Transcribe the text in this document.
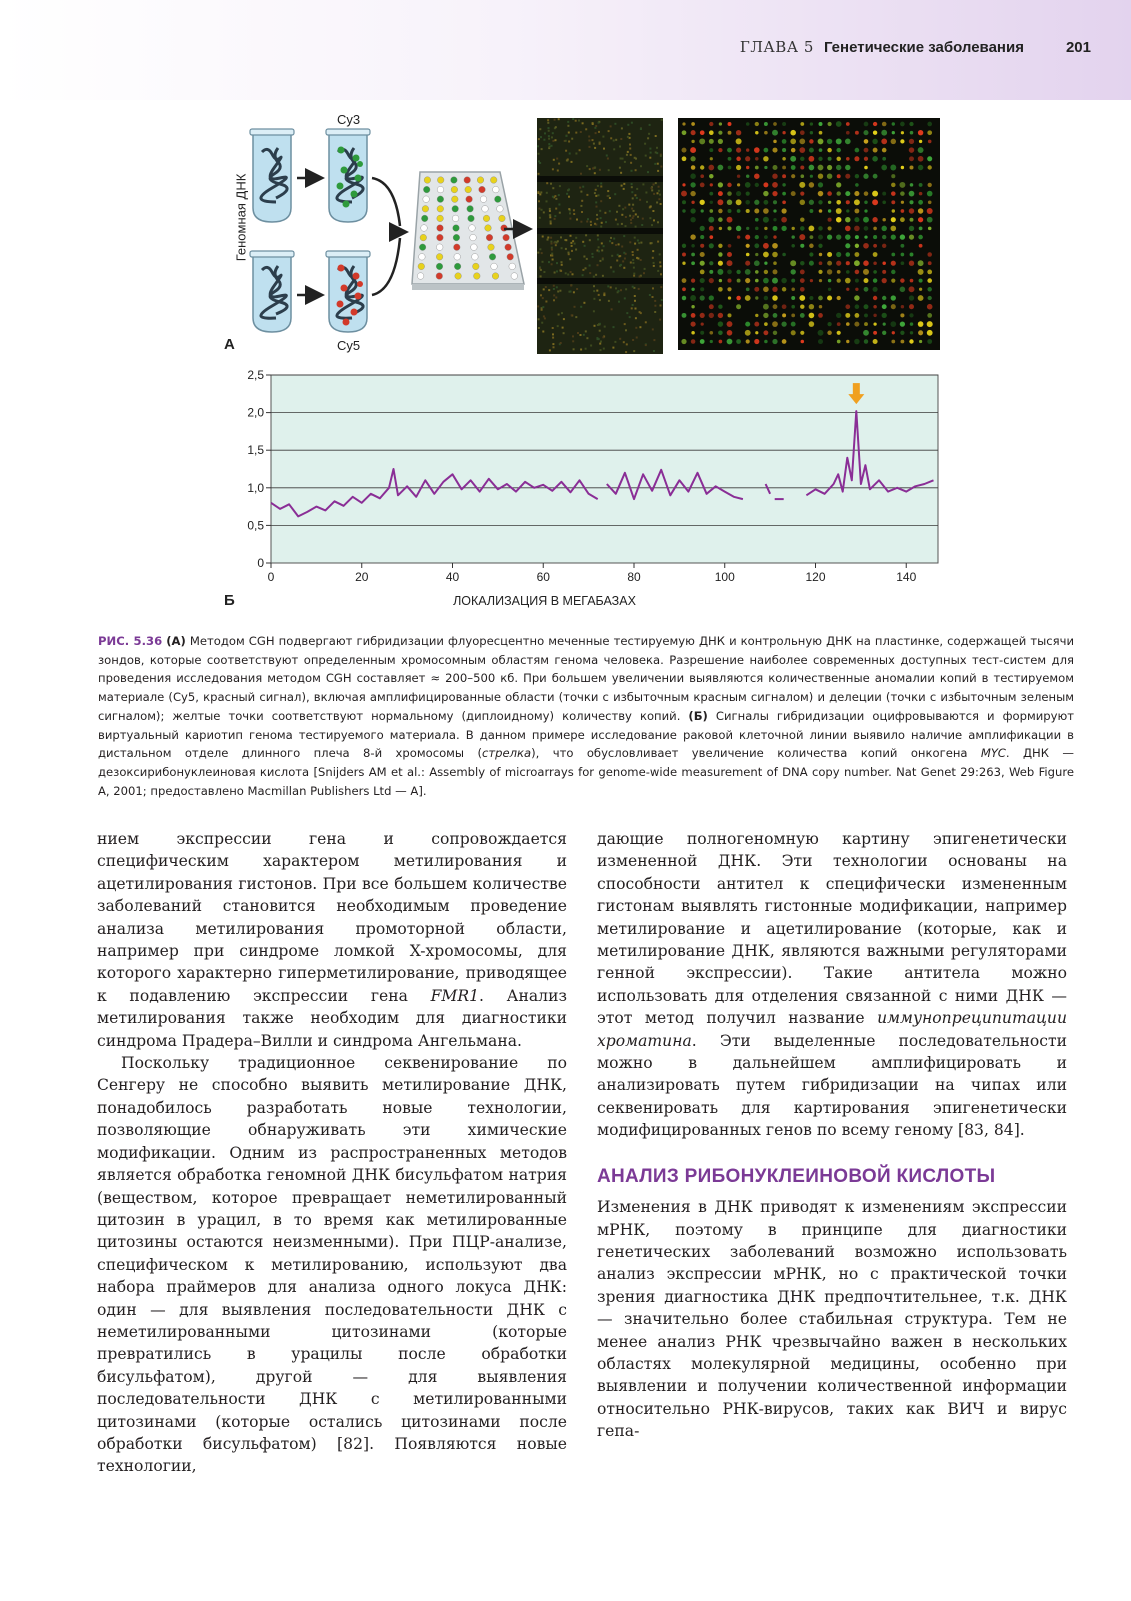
ГЛАВА 5 Генетические заболевания	201
Cy3
Cy5
Геномная ДНК
А
0
0,5
1,0
1,5
2,0
2,5
0	20	40	60	80	100	120	140
ЛОКАЛИЗАЦИЯ В МЕГАБАЗАХ
Б

РИС. 5.36 (А) Методом CGH подвергают гибридизации флуоресцентно меченные тестируемую ДНК и контрольную ДНК на пластинке, содержащей тысячи зондов, которые соответствуют определенным хромосомным областям генома человека. Разрешение наиболее современных доступных тест-систем для проведения исследования методом CGH составляет ≈ 200–500 кб. При большем увеличении выявляются количественные аномалии копий в тестируемом материале (Cy5, красный сигнал), включая амплифицированные области (точки с избыточным красным сигналом) и делеции (точки с избыточным зеленым сигналом); желтые точки соответствуют нормальному (диплоидному) количеству копий. (Б) Сигналы гибридизации оцифровываются и формируют виртуальный кариотип генома тестируемого материала. В данном примере исследование раковой клеточной линии выявило наличие амплификации в дистальном отделе длинного плеча 8-й хромосомы (стрелка), что обусловливает увеличение количества копий онкогена MYC. ДНК — дезоксирибонуклеиновая кислота [Snijders AM et al.: Assembly of microarrays for genome-wide measurement of DNA copy number. Nat Genet 29:263, Web Figure A, 2001; предоставлено Macmillan Publishers Ltd — A].

нием экспрессии гена и сопровождается специфическим характером метилирования и ацетилирования гистонов. При все большем количестве заболеваний становится необходимым проведение анализа метилирования промоторной области, например при синдроме ломкой X-хромосомы, для которого характерно гиперметилирование, приводящее к подавлению экспрессии гена FMR1. Анализ метилирования также необходим для диагностики синдрома Прадера–Вилли и синдрома Ангельмана.

Поскольку традиционное секвенирование по Сенгеру не способно выявить метилирование ДНК, понадобилось разработать новые технологии, позволяющие обнаруживать эти химические модификации. Одним из распространенных методов является обработка геномной ДНК бисульфатом натрия (веществом, которое превращает неметилированный цитозин в урацил, в то время как метилированные цитозины остаются неизменными). При ПЦР-анализе, специфическом к метилированию, используют два набора праймеров для анализа одного локуса ДНК: один — для выявления последовательности ДНК с неметилированными цитозинами (которые превратились в урацилы после обработки бисульфатом), другой — для выявления последовательности ДНК с метилированными цитозинами (которые остались цитозинами после обработки бисульфатом) [82]. Появляются новые технологии,

дающие полногеномную картину эпигенетически измененной ДНК. Эти технологии основаны на способности антител к специфически измененным гистонам выявлять гистонные модификации, например метилирование и ацетилирование (которые, как и метилирование ДНК, являются важными регуляторами генной экспрессии). Такие антитела можно использовать для отделения связанной с ними ДНК — этот метод получил название иммунопреципитации хроматина. Эти выделенные последовательности можно в дальнейшем амплифицировать и анализировать путем гибридизации на чипах или секвенировать для картирования эпигенетически модифицированных генов по всему геному [83, 84].

АНАЛИЗ РИБОНУКЛЕИНОВОЙ КИСЛОТЫ

Изменения в ДНК приводят к изменениям экспрессии мРНК, поэтому в принципе для диагностики генетических заболеваний возможно использовать анализ экспрессии мРНК, но с практической точки зрения диагностика ДНК предпочтительнее, т.к. ДНК — значительно более стабильная структура. Тем не менее анализ РНК чрезвычайно важен в нескольких областях молекулярной медицины, особенно при выявлении и получении количественной информации относительно РНК-вирусов, таких как ВИЧ и вирус гепа-
